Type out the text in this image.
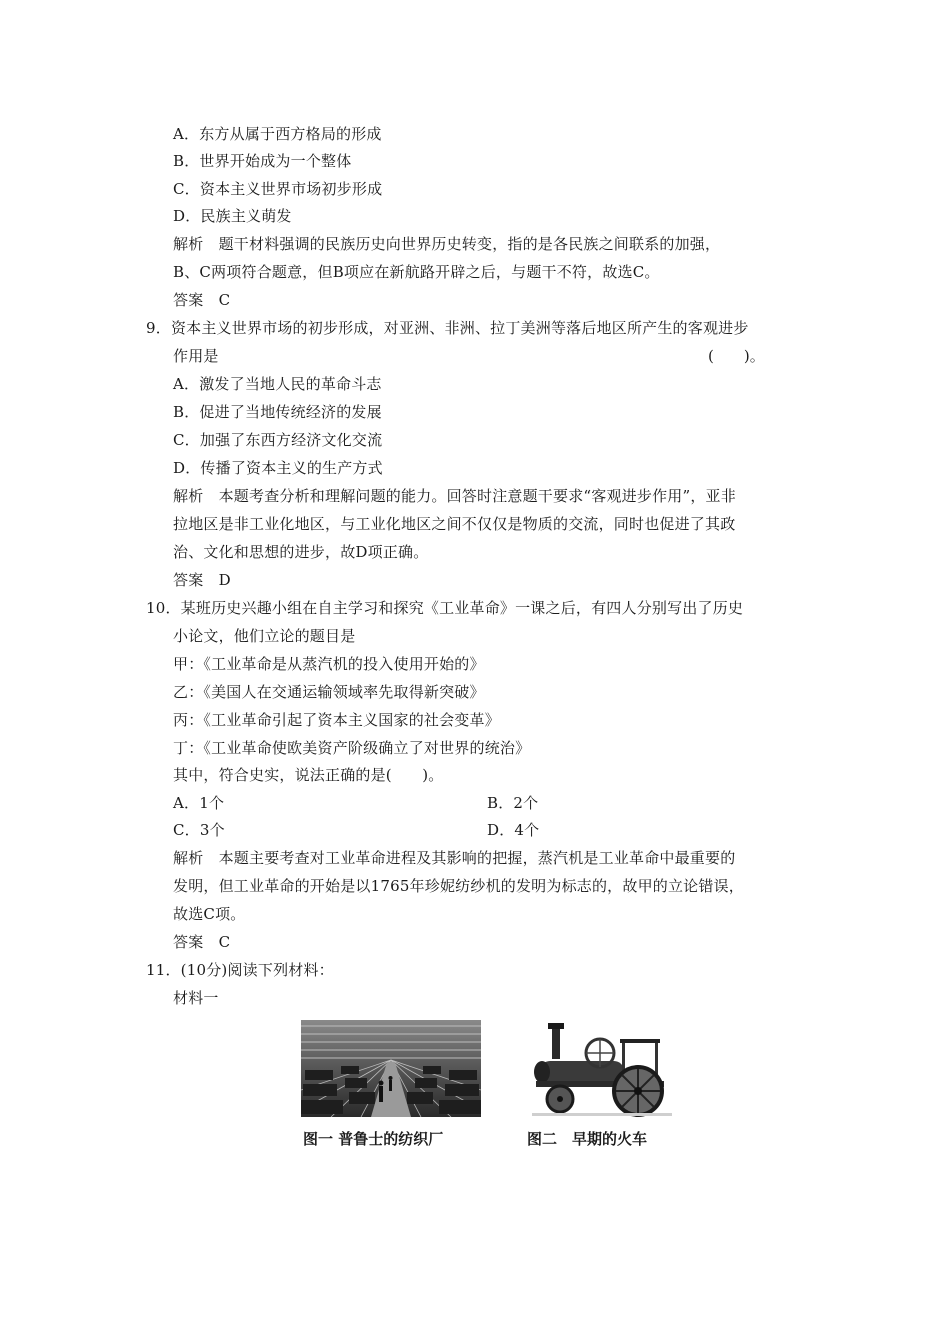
A．东方从属于西方格局的形成
B．世界开始成为一个整体
C．资本主义世界市场初步形成
D．民族主义萌发
解析　题干材料强调的民族历史向世界历史转变，指的是各民族之间联系的加强，
B、C两项符合题意，但B项应在新航路开辟之后，与题干不符，故选C。
答案　C
9．资本主义世界市场的初步形成，对亚洲、非洲、拉丁美洲等落后地区所产生的客观进步
作用是	(　　)。
A．激发了当地人民的革命斗志
B．促进了当地传统经济的发展
C．加强了东西方经济文化交流
D．传播了资本主义的生产方式
解析　本题考查分析和理解问题的能力。回答时注意题干要求“客观进步作用”，亚非
拉地区是非工业化地区，与工业化地区之间不仅仅是物质的交流，同时也促进了其政
治、文化和思想的进步，故D项正确。
答案　D
10．某班历史兴趣小组在自主学习和探究《工业革命》一课之后，有四人分别写出了历史
小论文，他们立论的题目是
甲：《工业革命是从蒸汽机的投入使用开始的》
乙：《美国人在交通运输领域率先取得新突破》
丙：《工业革命引起了资本主义国家的社会变革》
丁：《工业革命使欧美资产阶级确立了对世界的统治》
其中，符合史实，说法正确的是(　　)。
A．1个	B．2个
C．3个	D．4个
解析　本题主要考查对工业革命进程及其影响的把握，蒸汽机是工业革命中最重要的
发明，但工业革命的开始是以1765年珍妮纺纱机的发明为标志的，故甲的立论错误，
故选C项。
答案　C
11．(10分)阅读下列材料：
材料一
图一 普鲁士的纺织厂	图二　早期的火车
